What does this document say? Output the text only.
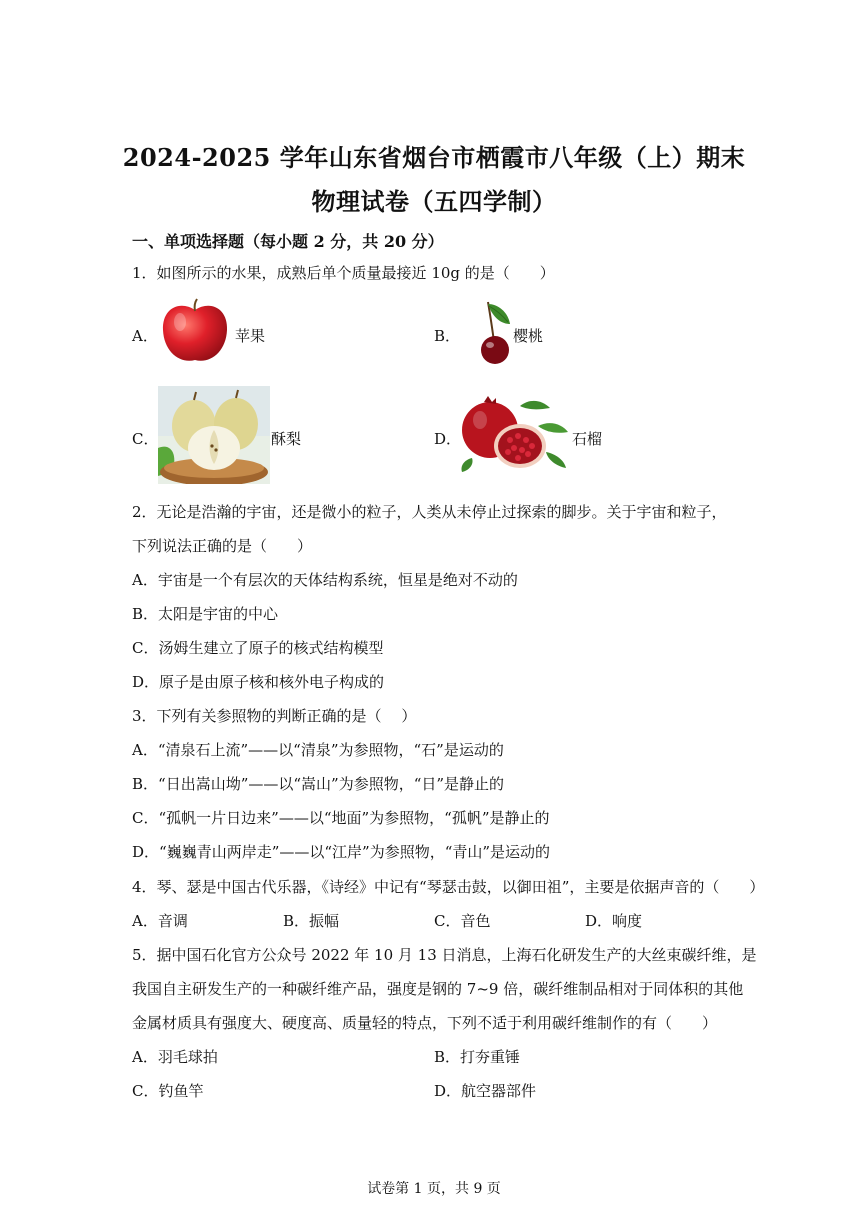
2024-2025 学年山东省烟台市栖霞市八年级（上）期末
物理试卷（五四学制）
一、单项选择题（每小题 2 分，共 20 分）
1．如图所示的水果，成熟后单个质量最接近 10g 的是（　　）
A．	苹果	B．	樱桃
C．	酥梨	D．	石榴
2．无论是浩瀚的宇宙，还是微小的粒子，人类从未停止过探索的脚步。关于宇宙和粒子，
下列说法正确的是（　　）
A．宇宙是一个有层次的天体结构系统，恒星是绝对不动的
B．太阳是宇宙的中心
C．汤姆生建立了原子的核式结构模型
D．原子是由原子核和核外电子构成的
3．下列有关参照物的判断正确的是（　 ）
A．“清泉石上流”——以“清泉”为参照物，“石”是运动的
B．“日出嵩山坳”——以“嵩山”为参照物，“日”是静止的
C．“孤帆一片日边来”——以“地面”为参照物，“孤帆”是静止的
D．“巍巍青山两岸走”——以“江岸”为参照物，“青山”是运动的
4．琴、瑟是中国古代乐器，《诗经》中记有“琴瑟击鼓，以御田祖”，主要是依据声音的（　　）
A．音调	B．振幅	C．音色	D．响度
5．据中国石化官方公众号 2022 年 10 月 13 日消息，上海石化研发生产的大丝束碳纤维，是
我国自主研发生产的一种碳纤维产品，强度是钢的 7~9 倍，碳纤维制品相对于同体积的其他
金属材质具有强度大、硬度高、质量轻的特点，下列不适于利用碳纤维制作的有（　　）
A．羽毛球拍	B．打夯重锤
C．钓鱼竿	D．航空器部件
试卷第 1 页，共 9 页
